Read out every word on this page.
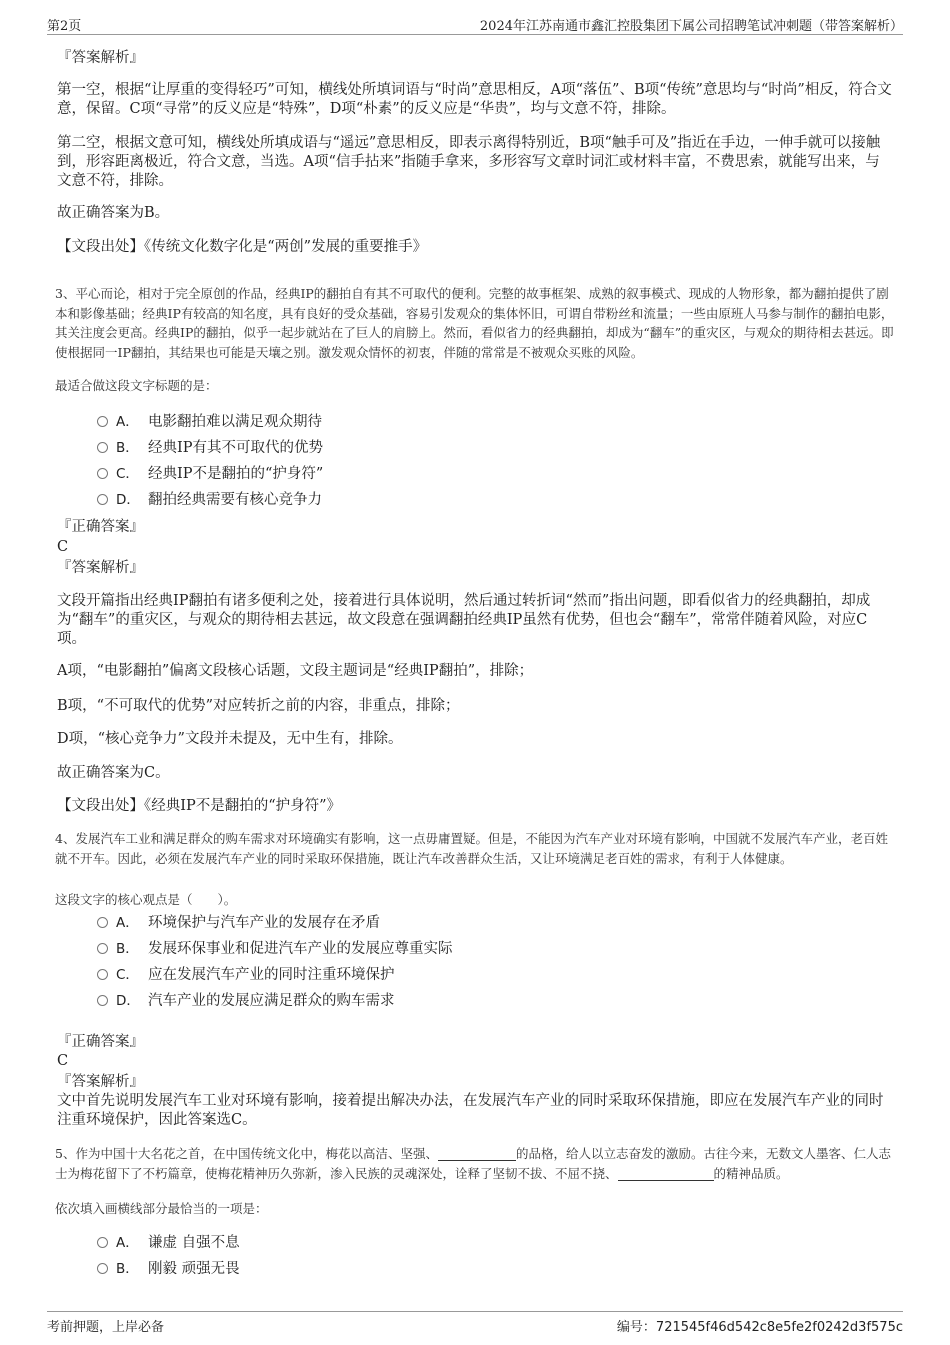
第2页	2024年江苏南通市鑫汇控股集团下属公司招聘笔试冲刺题（带答案解析）

『答案解析』

第一空，根据“让厚重的变得轻巧”可知，横线处所填词语与“时尚”意思相反，A项“落伍”、B项“传统”意思均与“时尚”相反，符合文意，保留。C项“寻常”的反义应是“特殊”，D项“朴素”的反义应是“华贵”，均与文意不符，排除。

第二空，根据文意可知，横线处所填成语与“遥远”意思相反，即表示离得特别近，B项“触手可及”指近在手边，一伸手就可以接触到，形容距离极近，符合文意，当选。A项“信手拈来”指随手拿来，多形容写文章时词汇或材料丰富，不费思索，就能写出来，与文意不符，排除。

故正确答案为B。

【文段出处】《传统文化数字化是“两创”发展的重要推手》

3、平心而论，相对于完全原创的作品，经典IP的翻拍自有其不可取代的便利。完整的故事框架、成熟的叙事模式、现成的人物形象，都为翻拍提供了剧本和影像基础；经典IP有较高的知名度，具有良好的受众基础，容易引发观众的集体怀旧，可谓自带粉丝和流量；一些由原班人马参与制作的翻拍电影，其关注度会更高。经典IP的翻拍，似乎一起步就站在了巨人的肩膀上。然而，看似省力的经典翻拍，却成为“翻车”的重灾区，与观众的期待相去甚远。即使根据同一IP翻拍，其结果也可能是天壤之别。激发观众情怀的初衷，伴随的常常是不被观众买账的风险。

最适合做这段文字标题的是：

A． 电影翻拍难以满足观众期待
B． 经典IP有其不可取代的优势
C． 经典IP不是翻拍的“护身符”
D． 翻拍经典需要有核心竞争力

『正确答案』

C

『答案解析』

文段开篇指出经典IP翻拍有诸多便利之处，接着进行具体说明，然后通过转折词“然而”指出问题，即看似省力的经典翻拍，却成为“翻车”的重灾区，与观众的期待相去甚远，故文段意在强调翻拍经典IP虽然有优势，但也会“翻车”，常常伴随着风险，对应C项。

A项，“电影翻拍”偏离文段核心话题，文段主题词是“经典IP翻拍”，排除；

B项，“不可取代的优势”对应转折之前的内容，非重点，排除；

D项，“核心竞争力”文段并未提及，无中生有，排除。

故正确答案为C。

【文段出处】《经典IP不是翻拍的“护身符”》

4、发展汽车工业和满足群众的购车需求对环境确实有影响，这一点毋庸置疑。但是，不能因为汽车产业对环境有影响，中国就不发展汽车产业，老百姓就不开车。因此，必须在发展汽车产业的同时采取环保措施，既让汽车改善群众生活，又让环境满足老百姓的需求，有利于人体健康。

这段文字的核心观点是（　　）。

A． 环境保护与汽车产业的发展存在矛盾
B． 发展环保事业和促进汽车产业的发展应尊重实际
C． 应在发展汽车产业的同时注重环境保护
D． 汽车产业的发展应满足群众的购车需求

『正确答案』

C

『答案解析』

文中首先说明发展汽车工业对环境有影响，接着提出解决办法，在发展汽车产业的同时采取环保措施，即应在发展汽车产业的同时注重环境保护，因此答案选C。

5、作为中国十大名花之首，在中国传统文化中，梅花以高洁、坚强、	的品格，给人以立志奋发的激励。古往今来，无数文人墨客、仁人志士为梅花留下了不朽篇章，使梅花精神历久弥新，渗入民族的灵魂深处，诠释了坚韧不拔、不屈不挠、	的精神品质。

依次填入画横线部分最恰当的一项是：

A． 谦虚 自强不息
B． 刚毅 顽强无畏
考前押题，上岸必备	编号：721545f46d542c8e5fe2f0242d3f575c
